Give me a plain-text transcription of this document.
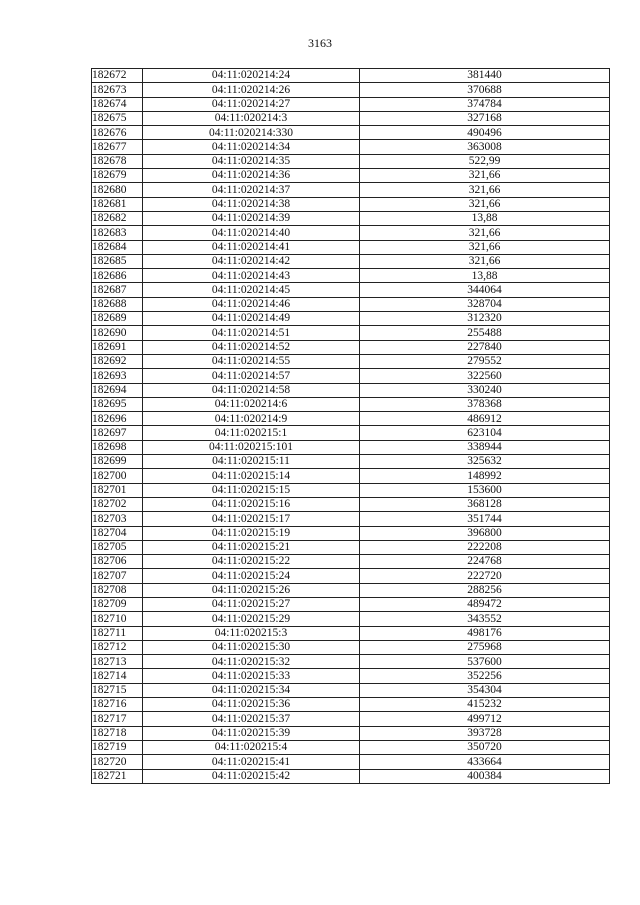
3163
182672	04:11:020214:24	381440
182673	04:11:020214:26	370688
182674	04:11:020214:27	374784
182675	04:11:020214:3	327168
182676	04:11:020214:330	490496
182677	04:11:020214:34	363008
182678	04:11:020214:35	522,99
182679	04:11:020214:36	321,66
182680	04:11:020214:37	321,66
182681	04:11:020214:38	321,66
182682	04:11:020214:39	13,88
182683	04:11:020214:40	321,66
182684	04:11:020214:41	321,66
182685	04:11:020214:42	321,66
182686	04:11:020214:43	13,88
182687	04:11:020214:45	344064
182688	04:11:020214:46	328704
182689	04:11:020214:49	312320
182690	04:11:020214:51	255488
182691	04:11:020214:52	227840
182692	04:11:020214:55	279552
182693	04:11:020214:57	322560
182694	04:11:020214:58	330240
182695	04:11:020214:6	378368
182696	04:11:020214:9	486912
182697	04:11:020215:1	623104
182698	04:11:020215:101	338944
182699	04:11:020215:11	325632
182700	04:11:020215:14	148992
182701	04:11:020215:15	153600
182702	04:11:020215:16	368128
182703	04:11:020215:17	351744
182704	04:11:020215:19	396800
182705	04:11:020215:21	222208
182706	04:11:020215:22	224768
182707	04:11:020215:24	222720
182708	04:11:020215:26	288256
182709	04:11:020215:27	489472
182710	04:11:020215:29	343552
182711	04:11:020215:3	498176
182712	04:11:020215:30	275968
182713	04:11:020215:32	537600
182714	04:11:020215:33	352256
182715	04:11:020215:34	354304
182716	04:11:020215:36	415232
182717	04:11:020215:37	499712
182718	04:11:020215:39	393728
182719	04:11:020215:4	350720
182720	04:11:020215:41	433664
182721	04:11:020215:42	400384
